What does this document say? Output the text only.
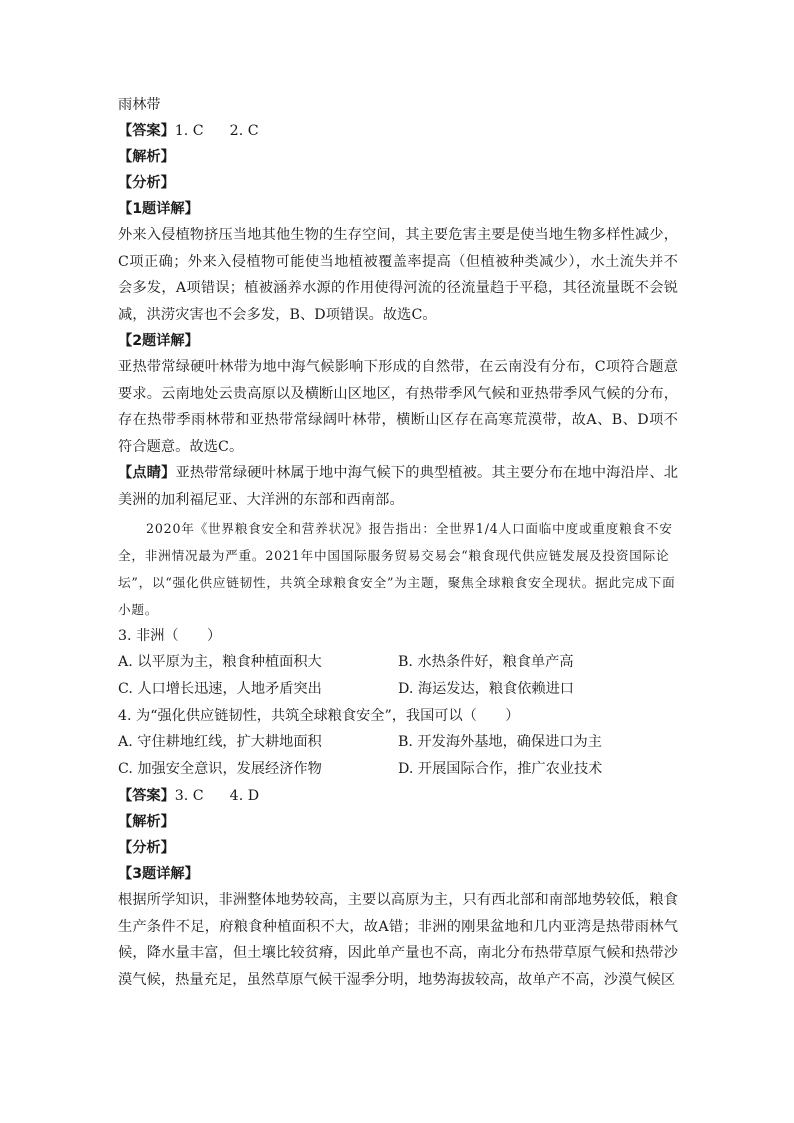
雨林带
【答案】1. C 2. C
【解析】
【分析】
【1题详解】
外来入侵植物挤压当地其他生物的生存空间，其主要危害主要是使当地生物多样性减少，C项正确；外来入侵植物可能使当地植被覆盖率提高（但植被种类减少），水土流失并不会多发，A项错误；植被涵养水源的作用使得河流的径流量趋于平稳，其径流量既不会锐减，洪涝灾害也不会多发，B、D项错误。故选C。
【2题详解】
亚热带常绿硬叶林带为地中海气候影响下形成的自然带，在云南没有分布，C项符合题意要求。云南地处云贵高原以及横断山区地区，有热带季风气候和亚热带季风气候的分布，存在热带季雨林带和亚热带常绿阔叶林带，横断山区存在高寒荒漠带，故A、B、D项不符合题意。故选C。
【点睛】亚热带常绿硬叶林属于地中海气候下的典型植被。其主要分布在地中海沿岸、北美洲的加利福尼亚、大洋洲的东部和西南部。
2020年《世界粮食安全和营养状况》报告指出：全世界1/4人口面临中度或重度粮食不安全，非洲情况最为严重。2021年中国国际服务贸易交易会“粮食现代供应链发展及投资国际论坛”，以“强化供应链韧性，共筑全球粮食安全”为主题，聚焦全球粮食安全现状。据此完成下面小题。
3. 非洲（　　）
A. 以平原为主，粮食种植面积大	B. 水热条件好，粮食单产高
C. 人口增长迅速，人地矛盾突出	D. 海运发达，粮食依赖进口
4. 为“强化供应链韧性，共筑全球粮食安全”，我国可以（　　）
A. 守住耕地红线，扩大耕地面积	B. 开发海外基地，确保进口为主
C. 加强安全意识，发展经济作物	D. 开展国际合作，推广农业技术
【答案】3. C 4. D
【解析】
【分析】
【3题详解】
根据所学知识，非洲整体地势较高，主要以高原为主，只有西北部和南部地势较低，粮食生产条件不足，府粮食种植面积不大，故A错；非洲的刚果盆地和几内亚湾是热带雨林气候，降水量丰富，但土壤比较贫瘠，因此单产量也不高，南北分布热带草原气候和热带沙漠气候，热量充足，虽然草原气候干湿季分明，地势海拔较高，故单产不高，沙漠气候区
